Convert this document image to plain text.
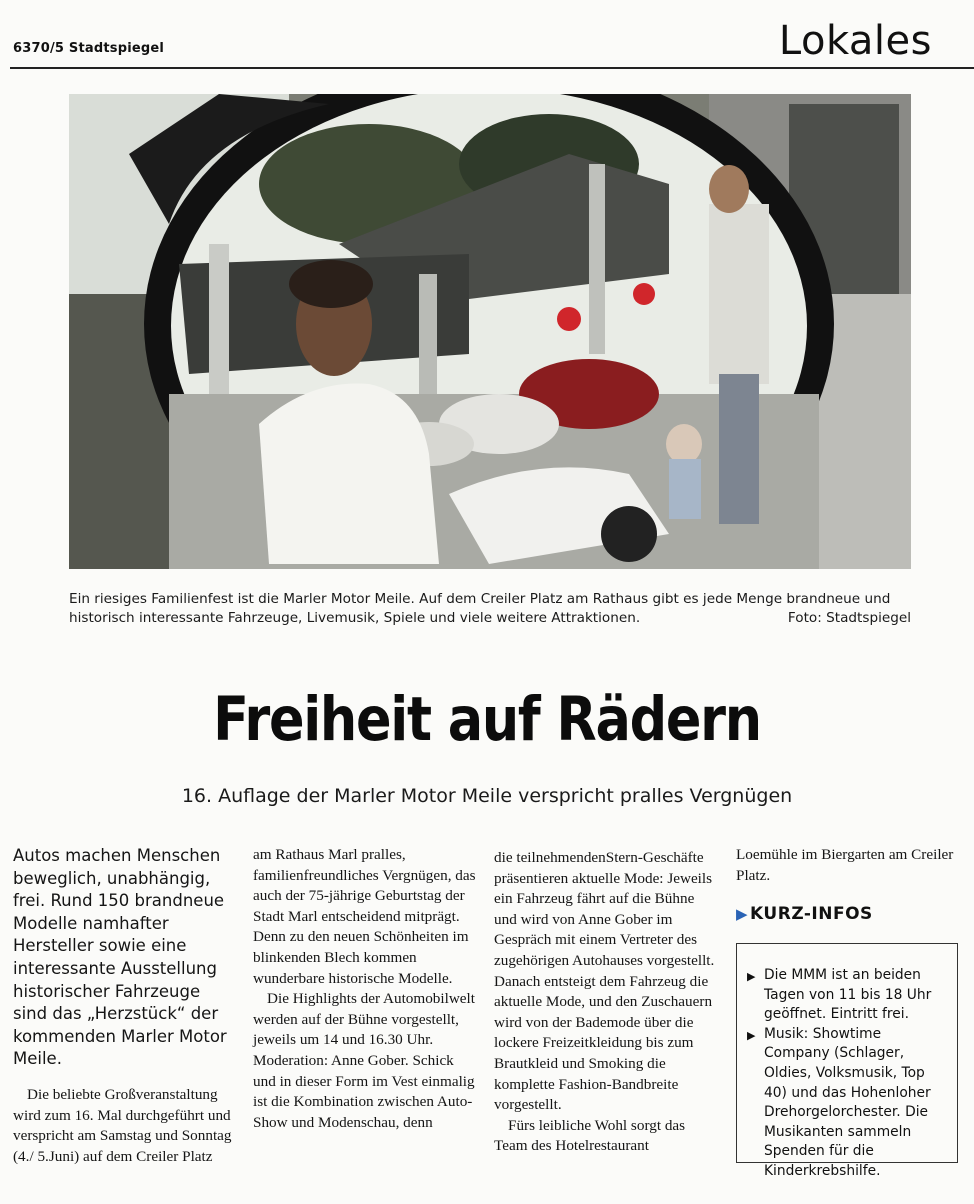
6370/5 Stadtspiegel	Lokales

Ein riesiges Familienfest ist die Marler Motor Meile. Auf dem Creiler Platz am Rathaus gibt es jede Menge brandneue und

historisch interessante Fahrzeuge, Livemusik, Spiele und viele weitere Attraktionen.	Foto: Stadtspiegel
Freiheit auf Rädern
16. Auflage der Marler Motor Meile verspricht pralles Vergnügen

Autos machen Menschen beweglich, unabhängig, frei. Rund 150 brandneue Modelle namhafter Hersteller sowie eine interessante Ausstellung historischer Fahrzeuge sind das „Herzstück“ der kommenden Marler Motor Meile.

Die beliebte Großveranstaltung wird zum 16. Mal durchgeführt und verspricht am Samstag und Sonntag (4./ 5.Juni) auf dem Creiler Platz

am Rathaus Marl pralles, familienfreundliches Vergnügen, das auch der 75-jährige Geburtstag der Stadt Marl entscheidend mitprägt. Denn zu den neuen Schönheiten im blinkenden Blech kommen wunderbare historische Modelle.

Die Highlights der Automobilwelt werden auf der Bühne vorgestellt, jeweils um 14 und 16.30 Uhr. Moderation: Anne Gober. Schick und in dieser Form im Vest einmalig ist die Kombination zwischen Auto-Show und Modenschau, denn

die teilnehmendenStern-Geschäfte präsentieren aktuelle Mode: Jeweils ein Fahrzeug fährt auf die Bühne und wird von Anne Gober im Gespräch mit einem Vertreter des zugehörigen Autohauses vorgestellt. Danach entsteigt dem Fahrzeug die aktuelle Mode, und den Zuschauern wird von der Bademode über die lockere Freizeitkleidung bis zum Brautkleid und Smoking die komplette Fashion-Bandbreite vorgestellt.

Fürs leibliche Wohl sorgt das Team des Hotelrestaurant

Loemühle im Biergarten am Creiler Platz.

▶ KURZ-INFOS
▶ Die MMM ist an beiden Tagen von 11 bis 18 Uhr geöffnet. Eintritt frei.
▶ Musik: Showtime Company (Schlager, Oldies, Volksmusik, Top 40) und das Hohenloher Drehorgelorchester. Die Musikanten sammeln Spenden für die Kinderkrebshilfe.
